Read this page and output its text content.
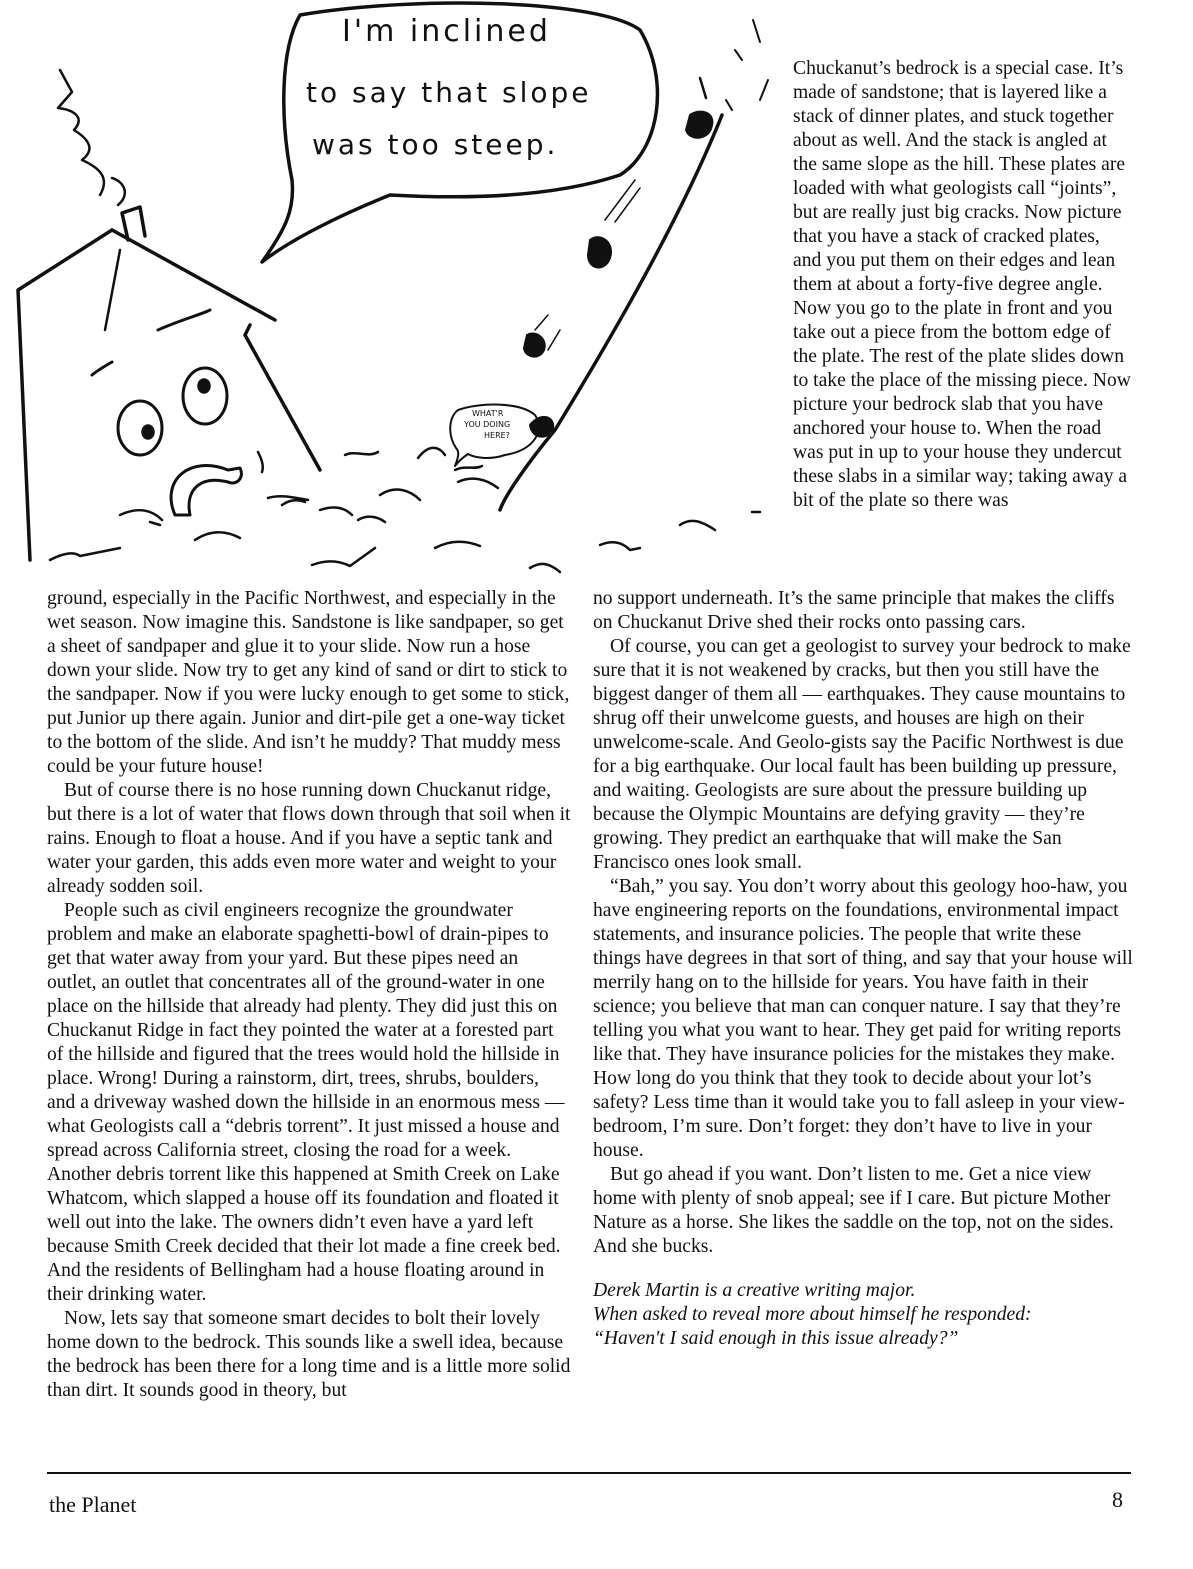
I'm inclined
to say that slope
was too steep.
WHAT'R
YOU DOING
HERE?

Chuckanut’s bedrock is a special case. It’s made of sandstone; that is layered like a stack of dinner plates, and stuck together about as well. And the stack is angled at the same slope as the hill. These plates are loaded with what geologists call “joints”, but are really just big cracks. Now picture that you have a stack of cracked plates, and you put them on their edges and lean them at about a forty-five degree angle. Now you go to the plate in front and you take out a piece from the bottom edge of the plate. The rest of the plate slides down to take the place of the missing piece. Now picture your bedrock slab that you have anchored your house to. When the road was put in up to your house they undercut these slabs in a similar way; taking away a bit of the plate so there was

ground, especially in the Pacific Northwest, and especially in the wet season. Now imagine this. Sandstone is like sandpaper, so get a sheet of sandpaper and glue it to your slide. Now run a hose down your slide. Now try to get any kind of sand or dirt to stick to the sandpaper. Now if you were lucky enough to get some to stick, put Junior up there again. Junior and dirt-pile get a one-way ticket to the bottom of the slide. And isn’t he muddy? That muddy mess could be your future house!

But of course there is no hose running down Chuckanut ridge, but there is a lot of water that flows down through that soil when it rains. Enough to float a house. And if you have a septic tank and water your garden, this adds even more water and weight to your already sodden soil.

People such as civil engineers recognize the groundwater problem and make an elaborate spaghetti-bowl of drain-pipes to get that water away from your yard. But these pipes need an outlet, an outlet that concentrates all of the ground-water in one place on the hillside that already had plenty. They did just this on Chuckanut Ridge in fact they pointed the water at a forested part of the hillside and figured that the trees would hold the hillside in place. Wrong! During a rainstorm, dirt, trees, shrubs, boulders, and a driveway washed down the hillside in an enormous mess — what Geologists call a “debris torrent”. It just missed a house and spread across California street, closing the road for a week. Another debris torrent like this happened at Smith Creek on Lake Whatcom, which slapped a house off its foundation and floated it well out into the lake. The owners didn’t even have a yard left because Smith Creek decided that their lot made a fine creek bed. And the residents of Bellingham had a house floating around in their drinking water.

Now, lets say that someone smart decides to bolt their lovely home down to the bedrock. This sounds like a swell idea, because the bedrock has been there for a long time and is a little more solid than dirt. It sounds good in theory, but

no support underneath. It’s the same principle that makes the cliffs on Chuckanut Drive shed their rocks onto passing cars.

Of course, you can get a geologist to survey your bedrock to make sure that it is not weakened by cracks, but then you still have the biggest danger of them all — earthquakes. They cause mountains to shrug off their unwelcome guests, and houses are high on their unwelcome-scale. And Geolo-gists say the Pacific Northwest is due for a big earthquake. Our local fault has been building up pressure, and waiting. Geologists are sure about the pressure building up because the Olympic Mountains are defying gravity — they’re growing. They predict an earthquake that will make the San Francisco ones look small.

“Bah,” you say. You don’t worry about this geology hoo-haw, you have engineering reports on the foundations, environmental impact statements, and insurance policies. The people that write these things have degrees in that sort of thing, and say that your house will merrily hang on to the hillside for years. You have faith in their science; you believe that man can conquer nature. I say that they’re telling you what you want to hear. They get paid for writing reports like that. They have insurance policies for the mistakes they make. How long do you think that they took to decide about your lot’s safety? Less time than it would take you to fall asleep in your view-bedroom, I’m sure. Don’t forget: they don’t have to live in your house.

But go ahead if you want. Don’t listen to me. Get a nice view home with plenty of snob appeal; see if I care. But picture Mother Nature as a horse. She likes the saddle on the top, not on the sides. And she bucks.

Derek Martin is a creative writing major.
When asked to reveal more about himself he responded:
“Haven't I said enough in this issue already?”

the Planet	8
